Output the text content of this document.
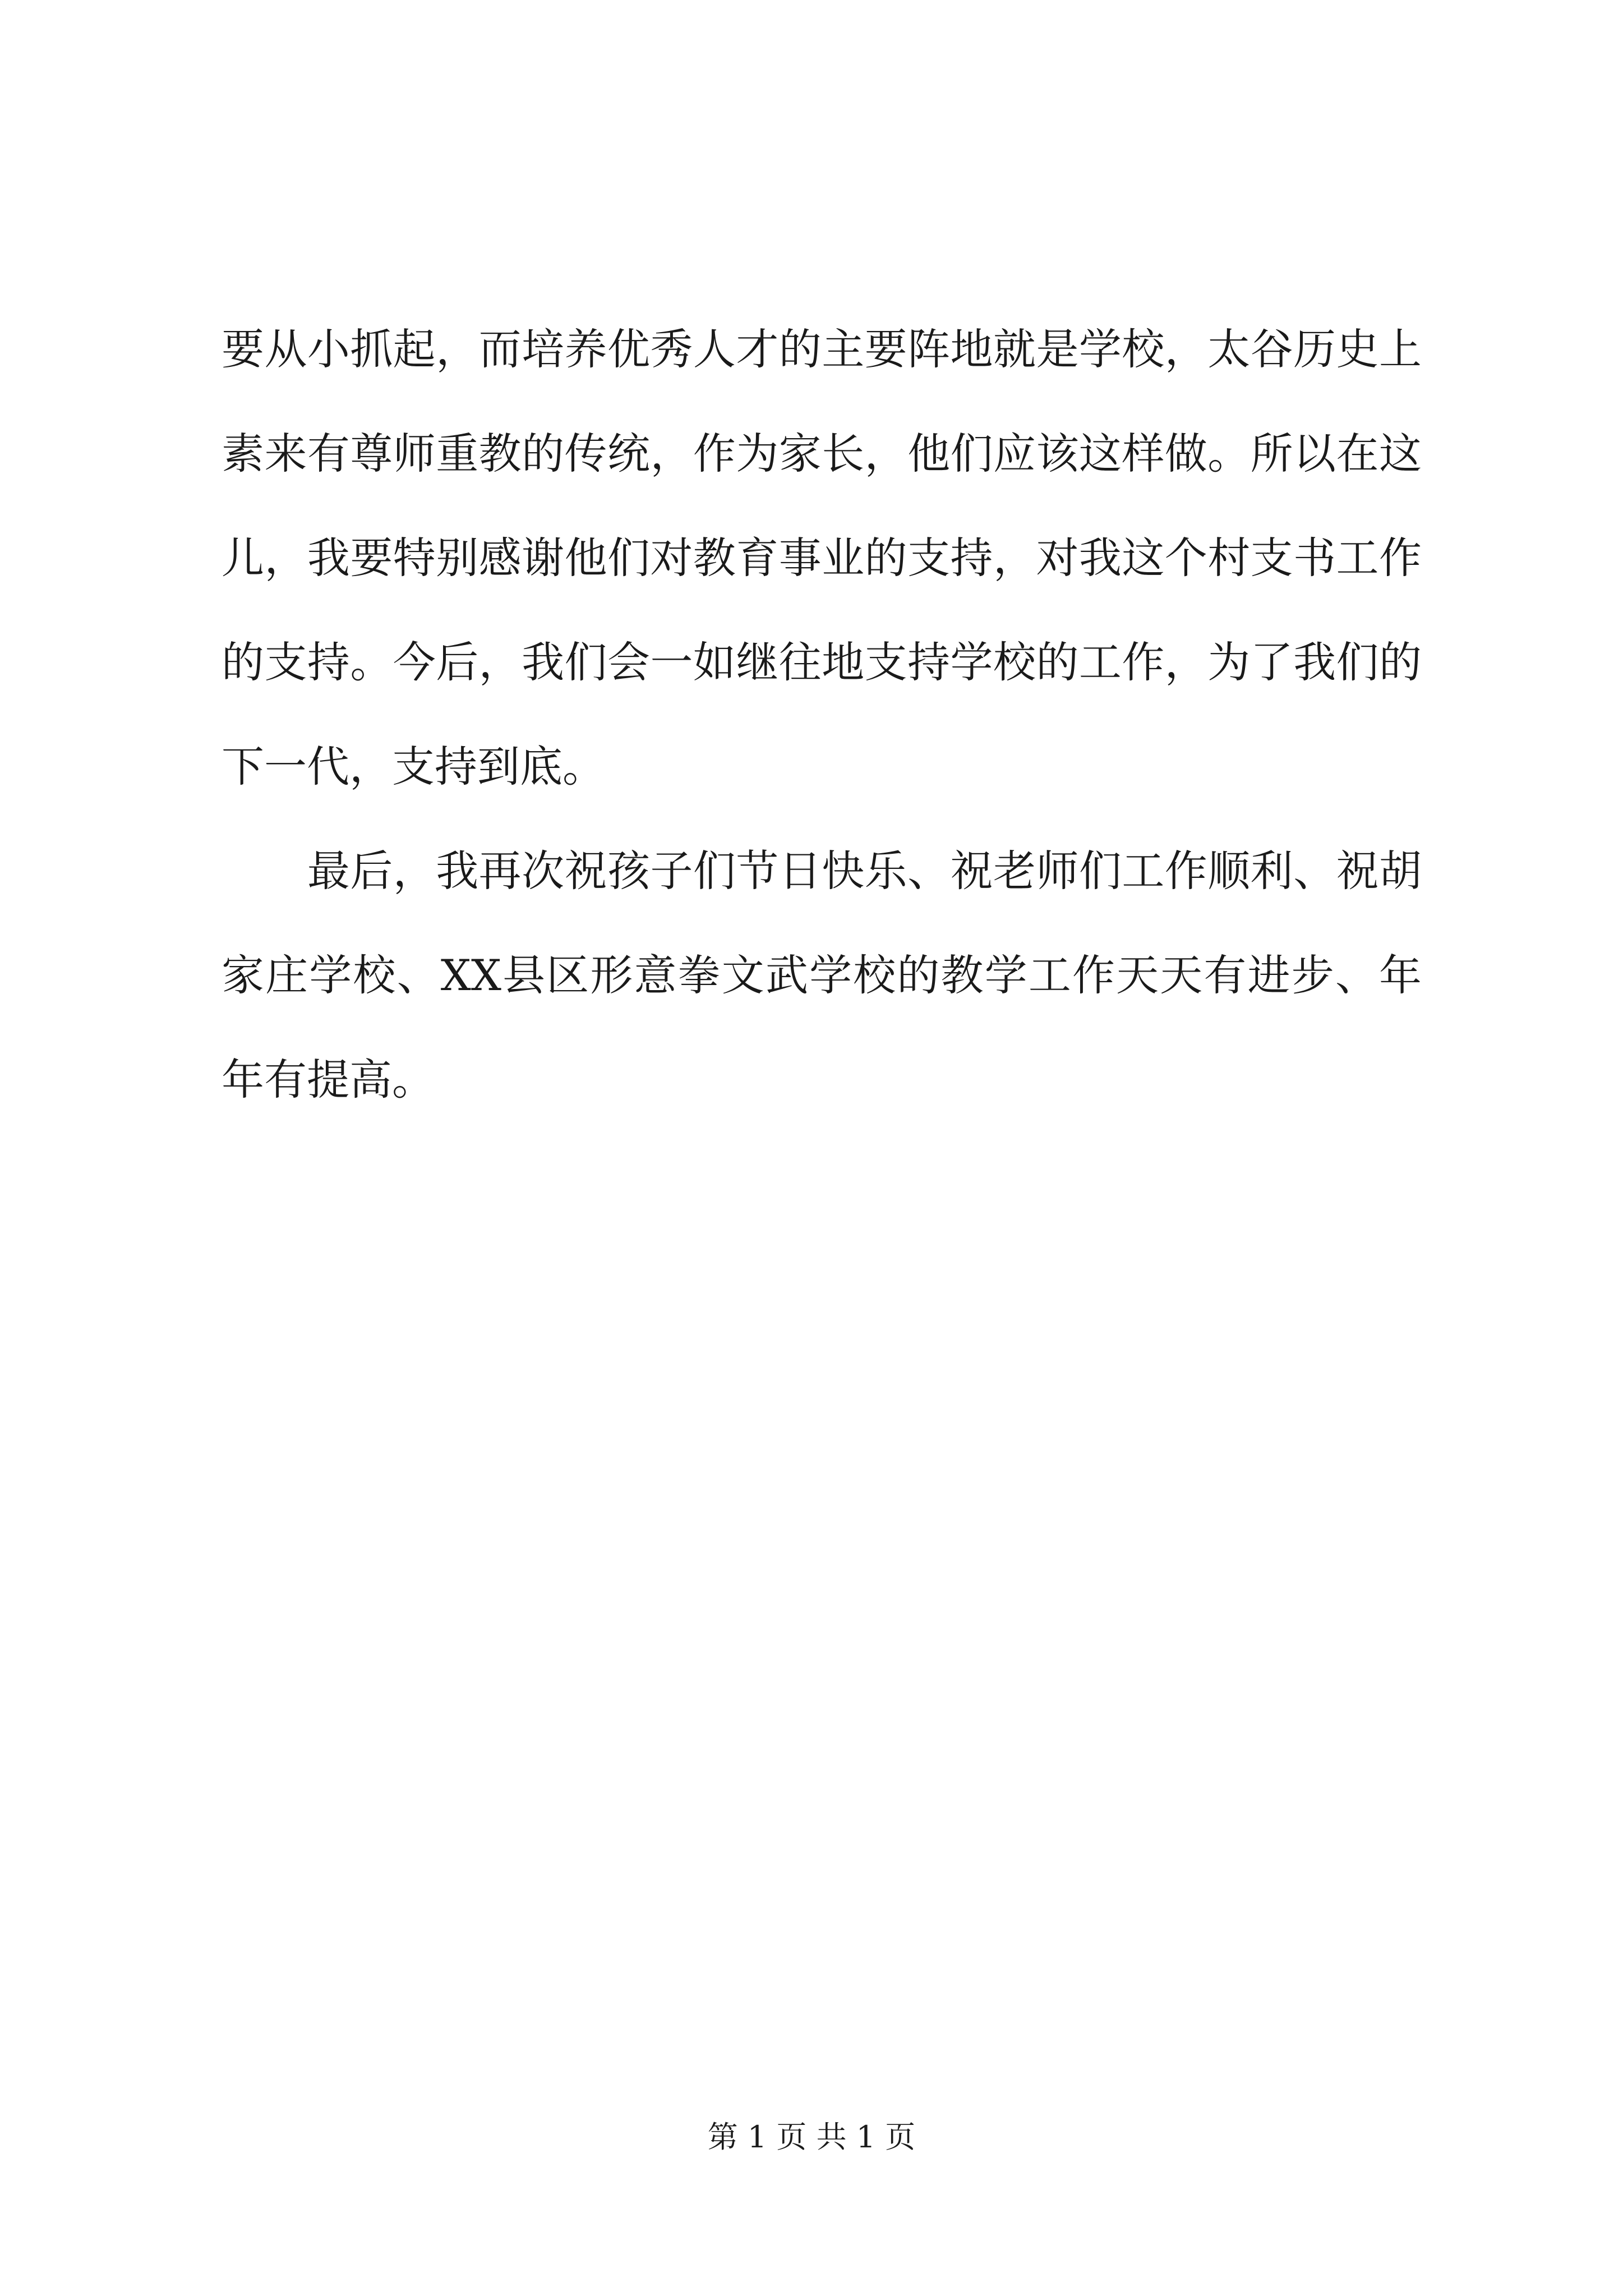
要从小抓起，而培养优秀人才的主要阵地就是学校，太谷历史上
素来有尊师重教的传统，作为家长，他们应该这样做。所以在这
儿，我要特别感谢他们对教育事业的支持，对我这个村支书工作
的支持。今后，我们会一如继往地支持学校的工作，为了我们的
下一代，支持到底。
　　最后，我再次祝孩子们节日快乐、祝老师们工作顺利、祝胡
家庄学校、XX县区形意拳文武学校的教学工作天天有进步、年
年有提高。
第 1 页 共 1 页
